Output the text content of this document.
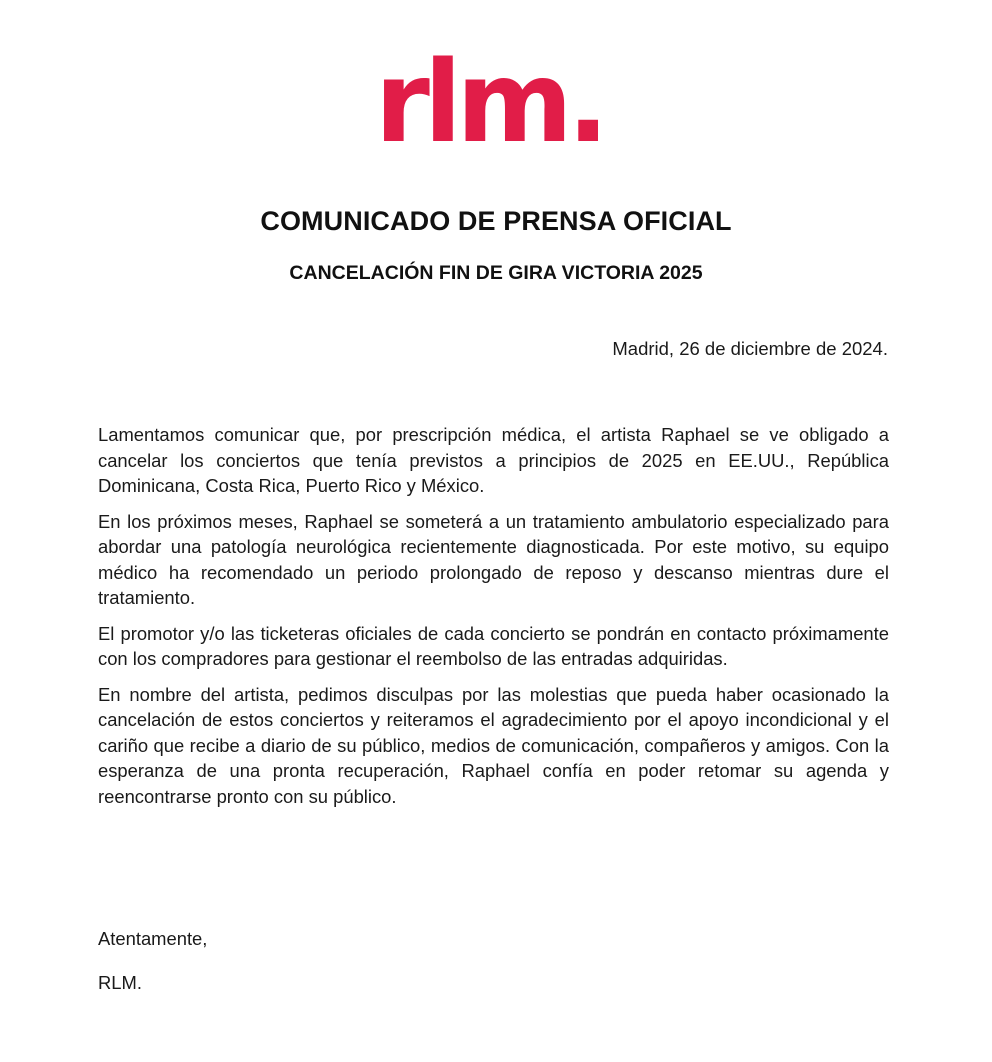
rlm.
COMUNICADO DE PRENSA OFICIAL
CANCELACIÓN FIN DE GIRA VICTORIA 2025
Madrid, 26 de diciembre de 2024.

Lamentamos comunicar que, por prescripción médica, el artista Raphael se ve obligado a cancelar los conciertos que tenía previstos a principios de 2025 en EE.UU., República Dominicana, Costa Rica, Puerto Rico y México.

En los próximos meses, Raphael se someterá a un tratamiento ambulatorio especializado para abordar una patología neurológica recientemente diagnosticada. Por este motivo, su equipo médico ha recomendado un periodo prolongado de reposo y descanso mientras dure el tratamiento.

El promotor y/o las ticketeras oficiales de cada concierto se pondrán en contacto próximamente con los compradores para gestionar el reembolso de las entradas adquiridas.

En nombre del artista, pedimos disculpas por las molestias que pueda haber ocasionado la cancelación de estos conciertos y reiteramos el agradecimiento por el apoyo incondicional y el cariño que recibe a diario de su público, medios de comunicación, compañeros y amigos. Con la esperanza de una pronta recuperación, Raphael confía en poder retomar su agenda y reencontrarse pronto con su público.

Atentamente,
RLM.
